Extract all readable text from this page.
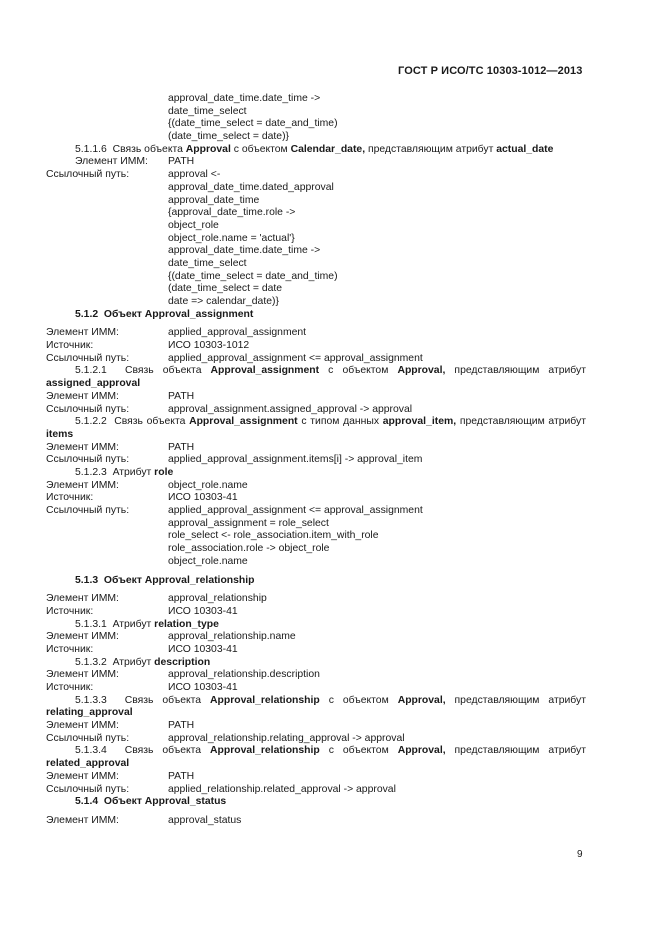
ГОСТ Р ИСО/ТС 10303-1012—2013
approval_date_time.date_time ->
date_time_select
{(date_time_select = date_and_time)
(date_time_select = date)}
5.1.1.6 Связь объекта Approval с объектом Calendar_date, представляющим атрибут actual_date
Элемент ИММ: PATH
Ссылочный путь:	approval <-
approval_date_time.dated_approval
approval_date_time
{approval_date_time.role ->
object_role
object_role.name = 'actual'}
approval_date_time.date_time ->
date_time_select
{(date_time_select = date_and_time)
(date_time_select = date
date => calendar_date)}
5.1.2 Объект Approval_assignment
Элемент ИММ:	applied_approval_assignment
Источник:	ИСО 10303-1012
Ссылочный путь:	applied_approval_assignment <= approval_assignment
5.1.2.1 Связь объекта Approval_assignment с объектом Approval, представляющим атрибут assigned_approval
Элемент ИММ:	PATH
Ссылочный путь:	approval_assignment.assigned_approval -> approval
5.1.2.2 Связь объекта Approval_assignment с типом данных approval_item, представляющим атрибут items
Элемент ИММ:	PATH
Ссылочный путь:	applied_approval_assignment.items[i] -> approval_item
5.1.2.3 Атрибут role
Элемент ИММ:	object_role.name
Источник:	ИСО 10303-41
Ссылочный путь:	applied_approval_assignment <= approval_assignment
approval_assignment = role_select
role_select <- role_association.item_with_role
role_association.role -> object_role
object_role.name
5.1.3 Объект Approval_relationship
Элемент ИММ:	approval_relationship
Источник:	ИСО 10303-41
5.1.3.1 Атрибут relation_type
Элемент ИММ:	approval_relationship.name
Источник:	ИСО 10303-41
5.1.3.2 Атрибут description
Элемент ИММ:	approval_relationship.description
Источник:	ИСО 10303-41
5.1.3.3 Связь объекта Approval_relationship с объектом Approval, представляющим атрибут relating_approval
Элемент ИММ:	PATH
Ссылочный путь:	approval_relationship.relating_approval -> approval
5.1.3.4 Связь объекта Approval_relationship с объектом Approval, представляющим атрибут related_approval
Элемент ИММ:	PATH
Ссылочный путь:	applied_relationship.related_approval -> approval
5.1.4 Объект Approval_status
Элемент ИММ:	approval_status
9
